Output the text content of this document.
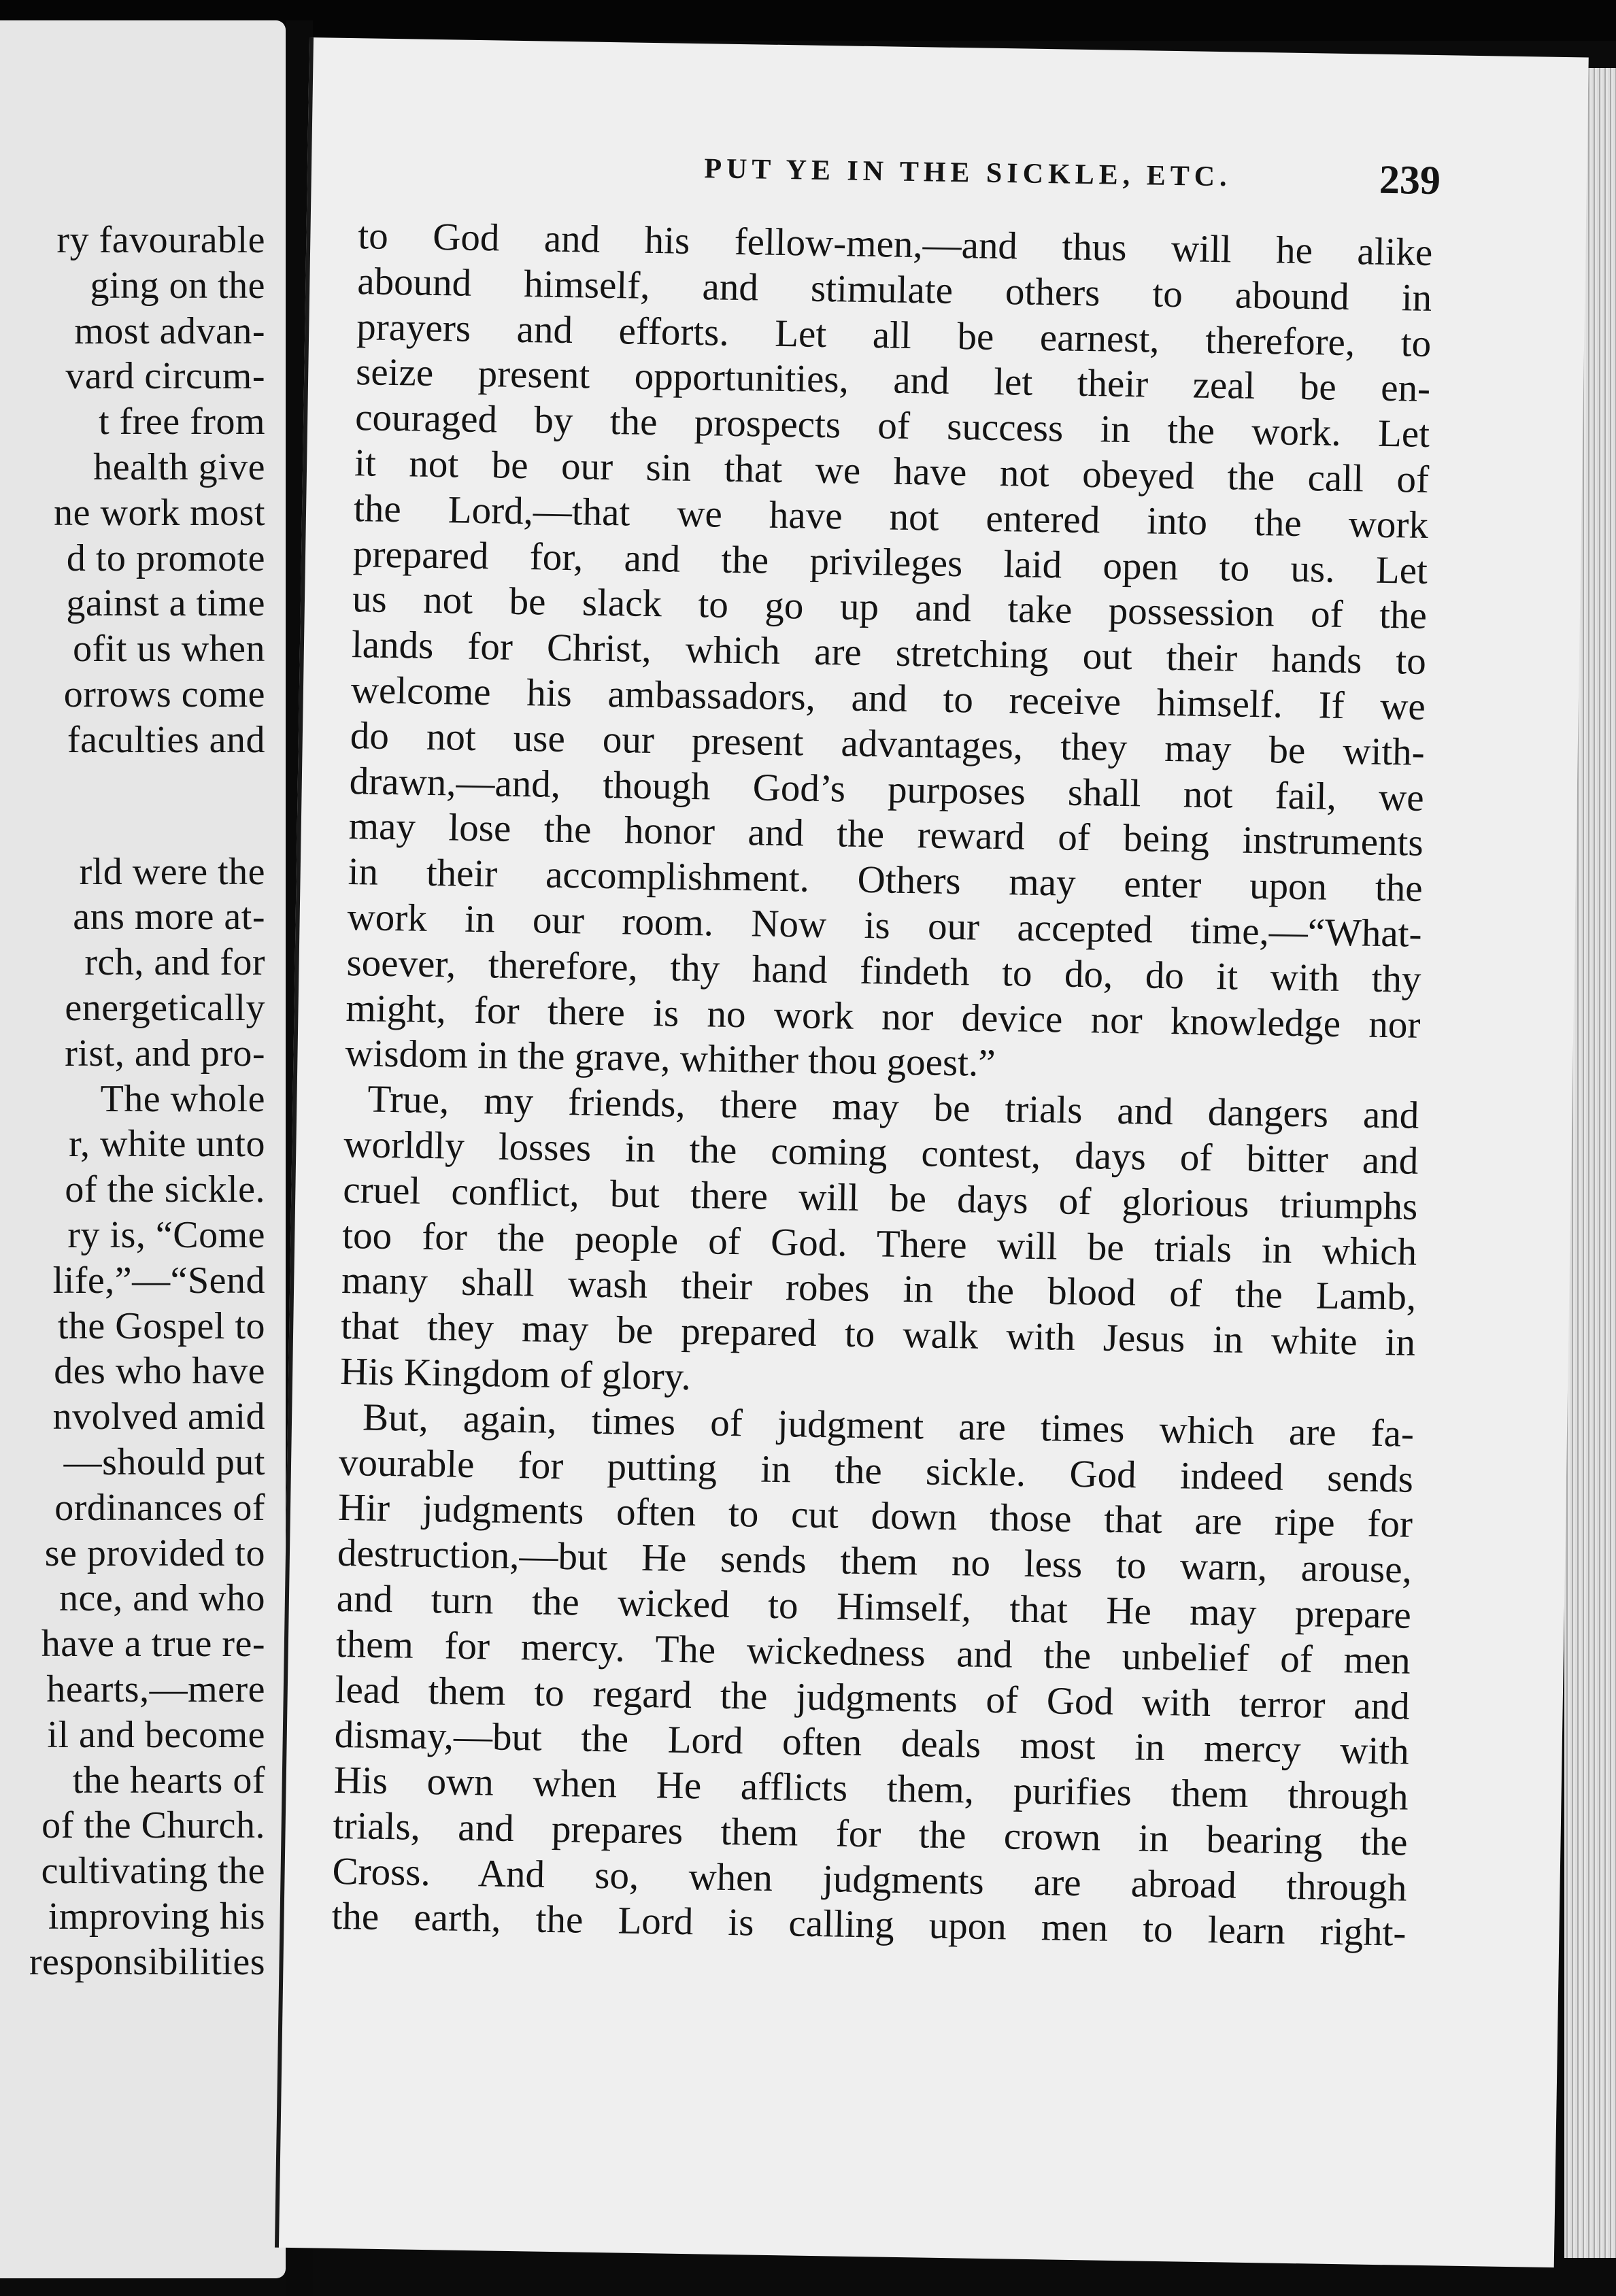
ry favourable
ging on the
most advan-
vard circum-
t free from
health give
ne work most
d to promote
gainst a time
ofit us when
orrows come
faculties and
rld were the
ans more at-
rch, and for
energetically
rist, and pro-
The whole
r, white unto
of the sickle.
ry is, “Come
life,”—“Send
the Gospel to
des who have
nvolved amid
—should put
ordinances of
se provided to
nce, and who
have a true re-
hearts,—mere
il and become
the hearts of
of the Church.
cultivating the
improving his
responsibilities
PUT YE IN THE SICKLE, ETC.	239
to God and his fellow-men,—and thus will he alike
abound himself, and stimulate others to abound in
prayers and efforts. Let all be earnest, therefore, to
seize present opportunities, and let their zeal be en-
couraged by the prospects of success in the work. Let
it not be our sin that we have not obeyed the call of
the Lord,—that we have not entered into the work
prepared for, and the privileges laid open to us. Let
us not be slack to go up and take possession of the
lands for Christ, which are stretching out their hands to
welcome his ambassadors, and to receive himself. If we
do not use our present advantages, they may be with-
drawn,—and, though God’s purposes shall not fail, we
may lose the honor and the reward of being instruments
in their accomplishment. Others may enter upon the
work in our room. Now is our accepted time,—“What-
soever, therefore, thy hand findeth to do, do it with thy
might, for there is no work nor device nor knowledge nor
wisdom in the grave, whither thou goest.”
True, my friends, there may be trials and dangers and
worldly losses in the coming contest, days of bitter and
cruel conflict, but there will be days of glorious triumphs
too for the people of God. There will be trials in which
many shall wash their robes in the blood of the Lamb,
that they may be prepared to walk with Jesus in white in
His Kingdom of glory.
But, again, times of judgment are times which are fa-
vourable for putting in the sickle. God indeed sends
Hir judgments often to cut down those that are ripe for
destruction,—but He sends them no less to warn, arouse,
and turn the wicked to Himself, that He may prepare
them for mercy. The wickedness and the unbelief of men
lead them to regard the judgments of God with terror and
dismay,—but the Lord often deals most in mercy with
His own when He afflicts them, purifies them through
trials, and prepares them for the crown in bearing the
Cross. And so, when judgments are abroad through
the earth, the Lord is calling upon men to learn right-
